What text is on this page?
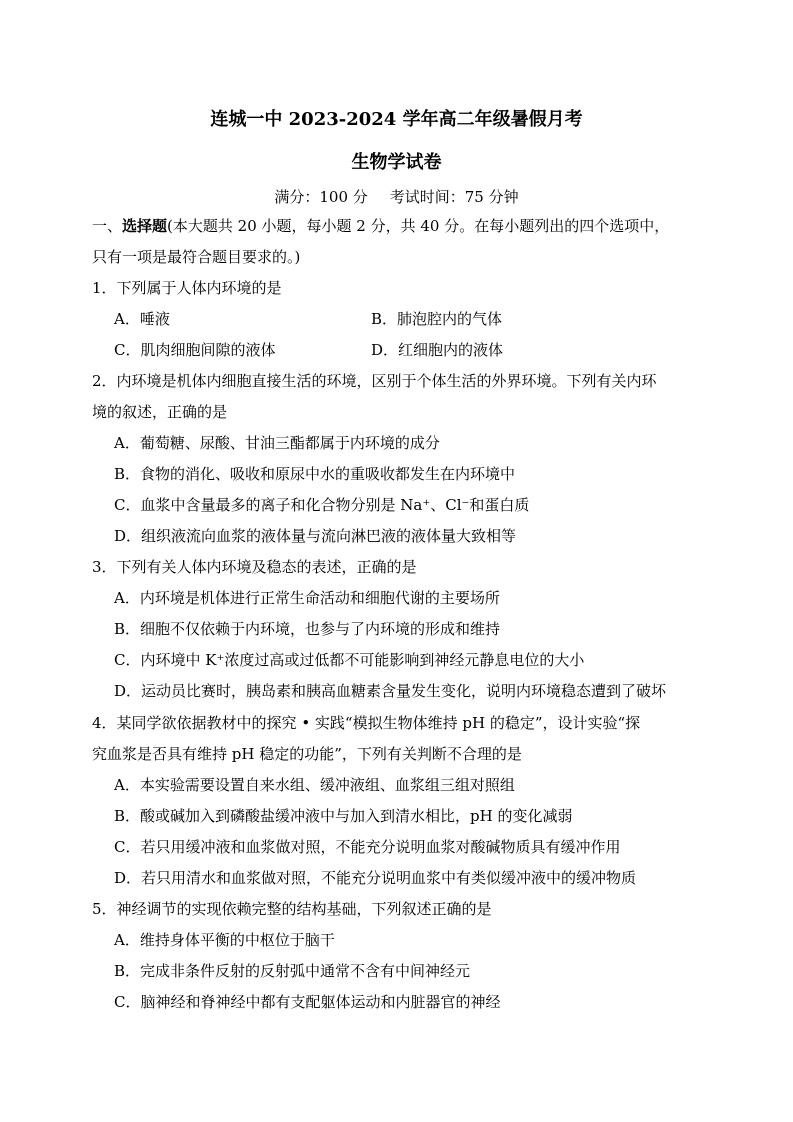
连城一中 2023-2024 学年高二年级暑假月考
生物学试卷
满分：100 分 考试时间：75 分钟
一、选择题(本大题共 20 小题，每小题 2 分，共 40 分。在每小题列出的四个选项中，
只有一项是最符合题目要求的。)
1．下列属于人体内环境的是
A．唾液	B．肺泡腔内的气体
C．肌肉细胞间隙的液体	D．红细胞内的液体
2．内环境是机体内细胞直接生活的环境，区别于个体生活的外界环境。下列有关内环
境的叙述，正确的是
A．葡萄糖、尿酸、甘油三酯都属于内环境的成分
B．食物的消化、吸收和原尿中水的重吸收都发生在内环境中
C．血浆中含量最多的离子和化合物分别是 Na⁺、Cl⁻和蛋白质
D．组织液流向血浆的液体量与流向淋巴液的液体量大致相等
3．下列有关人体内环境及稳态的表述，正确的是
A．内环境是机体进行正常生命活动和细胞代谢的主要场所
B．细胞不仅依赖于内环境，也参与了内环境的形成和维持
C．内环境中 K⁺浓度过高或过低都不可能影响到神经元静息电位的大小
D．运动员比赛时，胰岛素和胰高血糖素含量发生变化，说明内环境稳态遭到了破坏
4．某同学欲依据教材中的探究 • 实践“模拟生物体维持 pH 的稳定”，设计实验“探
究血浆是否具有维持 pH 稳定的功能”，下列有关判断不合理的是
A．本实验需要设置自来水组、缓冲液组、血浆组三组对照组
B．酸或碱加入到磷酸盐缓冲液中与加入到清水相比，pH 的变化减弱
C．若只用缓冲液和血浆做对照，不能充分说明血浆对酸碱物质具有缓冲作用
D．若只用清水和血浆做对照，不能充分说明血浆中有类似缓冲液中的缓冲物质
5．神经调节的实现依赖完整的结构基础，下列叙述正确的是
A．维持身体平衡的中枢位于脑干
B．完成非条件反射的反射弧中通常不含有中间神经元
C．脑神经和脊神经中都有支配躯体运动和内脏器官的神经
